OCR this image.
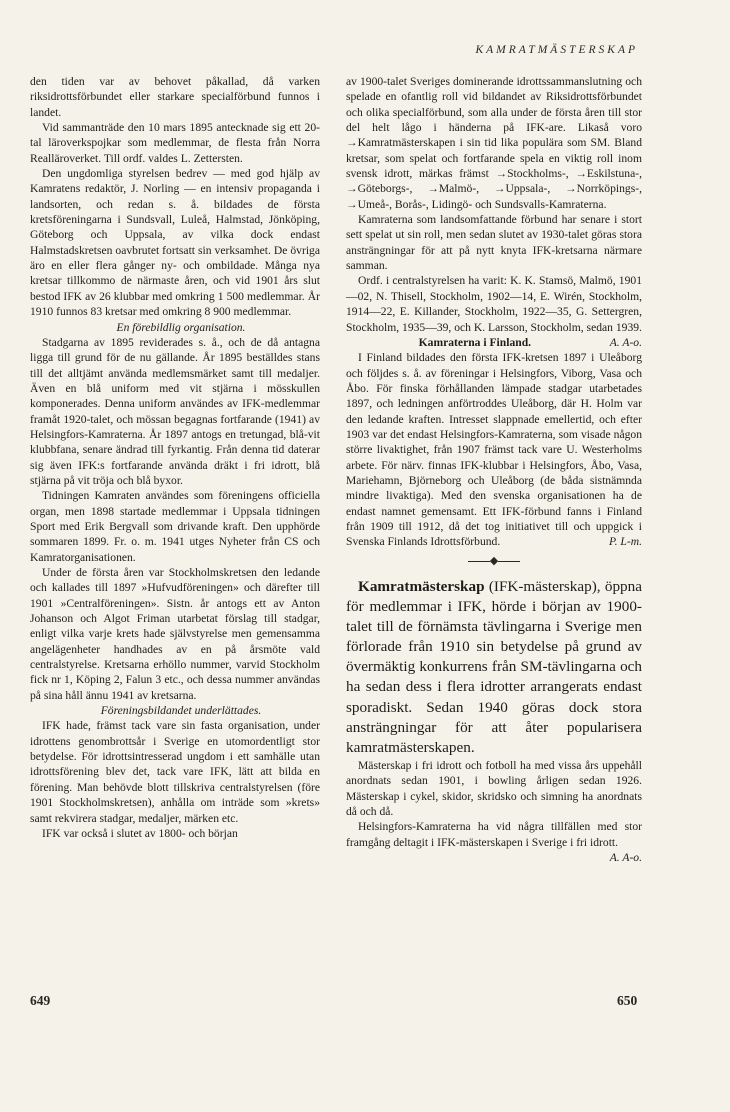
KAMRATMÄSTERSKAP

den tiden var av behovet påkallad, då varken riksidrottsförbundet eller starkare specialförbund funnos i landet.

Vid sammanträde den 10 mars 1895 antecknade sig ett 20-tal läroverkspojkar som medlemmar, de flesta från Norra Realläroverket. Till ordf. valdes L. Zettersten.

Den ungdomliga styrelsen bedrev — med god hjälp av Kamratens redaktör, J. Norling — en intensiv propaganda i landsorten, och redan s. å. bildades de första kretsföreningarna i Sundsvall, Luleå, Halmstad, Jönköping, Göteborg och Uppsala, av vilka dock endast Halmstadskretsen oavbrutet fortsatt sin verksamhet. De övriga äro en eller flera gånger ny- och ombildade. Många nya kretsar tillkommo de närmaste åren, och vid 1901 års slut bestod IFK av 26 klubbar med omkring 1 500 medlemmar. År 1910 funnos 83 kretsar med omkring 8 900 medlemmar.

En förebildlig organisation.

Stadgarna av 1895 reviderades s. å., och de då antagna ligga till grund för de nu gällande. År 1895 beställdes stans till det alltjämt använda medlemsmärket samt till medaljer. Även en blå uniform med vit stjärna i mösskullen komponerades. Denna uniform användes av IFK-medlemmar framåt 1920-talet, och mössan begagnas fortfarande (1941) av Helsingfors-Kamraterna. År 1897 antogs en tretungad, blå-vit klubbfana, senare ändrad till fyrkantig. Från denna tid daterar sig även IFK:s fortfarande använda dräkt i fri idrott, blå stjärna på vit tröja och blå byxor.

Tidningen Kamraten användes som föreningens officiella organ, men 1898 startade medlemmar i Uppsala tidningen Sport med Erik Bergvall som drivande kraft. Den upphörde sommaren 1899. Fr. o. m. 1941 utges Nyheter från CS och Kamratorganisationen.

Under de första åren var Stockholmskretsen den ledande och kallades till 1897 »Hufvudföreningen» och därefter till 1901 »Centralföreningen». Sistn. år antogs ett av Anton Johanson och Algot Friman utarbetat förslag till stadgar, enligt vilka varje krets hade självstyrelse men gemensamma angelägenheter handhades av en på årsmöte vald centralstyrelse. Kretsarna erhöllo nummer, varvid Stockholm fick nr 1, Köping 2, Falun 3 etc., och dessa nummer användas på sina håll ännu 1941 av kretsarna.

Föreningsbildandet underlättades.

IFK hade, främst tack vare sin fasta organisation, under idrottens genombrottsår i Sverige en utomordentligt stor betydelse. För idrottsintresserad ungdom i ett samhälle utan idrottsförening blev det, tack vare IFK, lätt att bilda en förening. Man behövde blott tillskriva centralstyrelsen (före 1901 Stockholmskretsen), anhålla om inträde som »krets» samt rekvirera stadgar, medaljer, märken etc.

IFK var också i slutet av 1800- och början

av 1900-talet Sveriges dominerande idrottssammanslutning och spelade en ofantlig roll vid bildandet av Riksidrottsförbundet och olika specialförbund, som alla under de första åren till stor del helt lågo i händerna på IFK-are. Likaså voro →Kamratmästerskapen i sin tid lika populära som SM. Bland kretsar, som spelat och fortfarande spela en viktig roll inom svensk idrott, märkas främst →Stockholms-, →Eskilstuna-, →Göteborgs-, →Malmö-, →Uppsala-, →Norrköpings-, →Umeå-, Borås-, Lidingö- och Sundsvalls-Kamraterna.

Kamraterna som landsomfattande förbund har senare i stort sett spelat ut sin roll, men sedan slutet av 1930-talet göras stora ansträngningar för att på nytt knyta IFK-kretsarna närmare samman.

Ordf. i centralstyrelsen ha varit: K. K. Stamsö, Malmö, 1901—02, N. Thisell, Stockholm, 1902—14, E. Wirén, Stockholm, 1914—22, E. Killander, Stockholm, 1922—35, G. Settergren, Stockholm, 1935—39, och K. Larsson, Stockholm, sedan 1939.
A. A-o.

Kamraterna i Finland.

I Finland bildades den första IFK-kretsen 1897 i Uleåborg och följdes s. å. av föreningar i Helsingfors, Viborg, Vasa och Åbo. För finska förhållanden lämpade stadgar utarbetades 1897, och ledningen anförtroddes Uleåborg, där H. Holm var den ledande kraften. Intresset slappnade emellertid, och efter 1903 var det endast Helsingfors-Kamraterna, som visade någon större livaktighet, från 1907 främst tack vare U. Westerholms arbete. För närv. finnas IFK-klubbar i Helsingfors, Åbo, Vasa, Mariehamn, Björneborg och Uleåborg (de båda sistnämnda mindre livaktiga). Med den svenska organisationen ha de endast namnet gemensamt. Ett IFK-förbund fanns i Finland från 1909 till 1912, då det tog initiativet till och uppgick i Svenska Finlands Idrottsförbund.	P. L-m.

◆

Kamratmästerskap (IFK-mästerskap), öppna för medlemmar i IFK, hörde i början av 1900-talet till de förnämsta tävlingarna i Sverige men förlorade från 1910 sin betydelse på grund av övermäktig konkurrens från SM-tävlingarna och ha sedan dess i flera idrotter arrangerats endast sporadiskt. Sedan 1940 göras dock stora ansträngningar för att åter popularisera kamratmästerskapen.

Mästerskap i fri idrott och fotboll ha med vissa års uppehåll anordnats sedan 1901, i bowling årligen sedan 1926. Mästerskap i cykel, skidor, skridsko och simning ha anordnats då och då.

Helsingfors-Kamraterna ha vid några tillfällen med stor framgång deltagit i IFK-mästerskapen i Sverige i fri idrott.
A. A-o.

649	650
